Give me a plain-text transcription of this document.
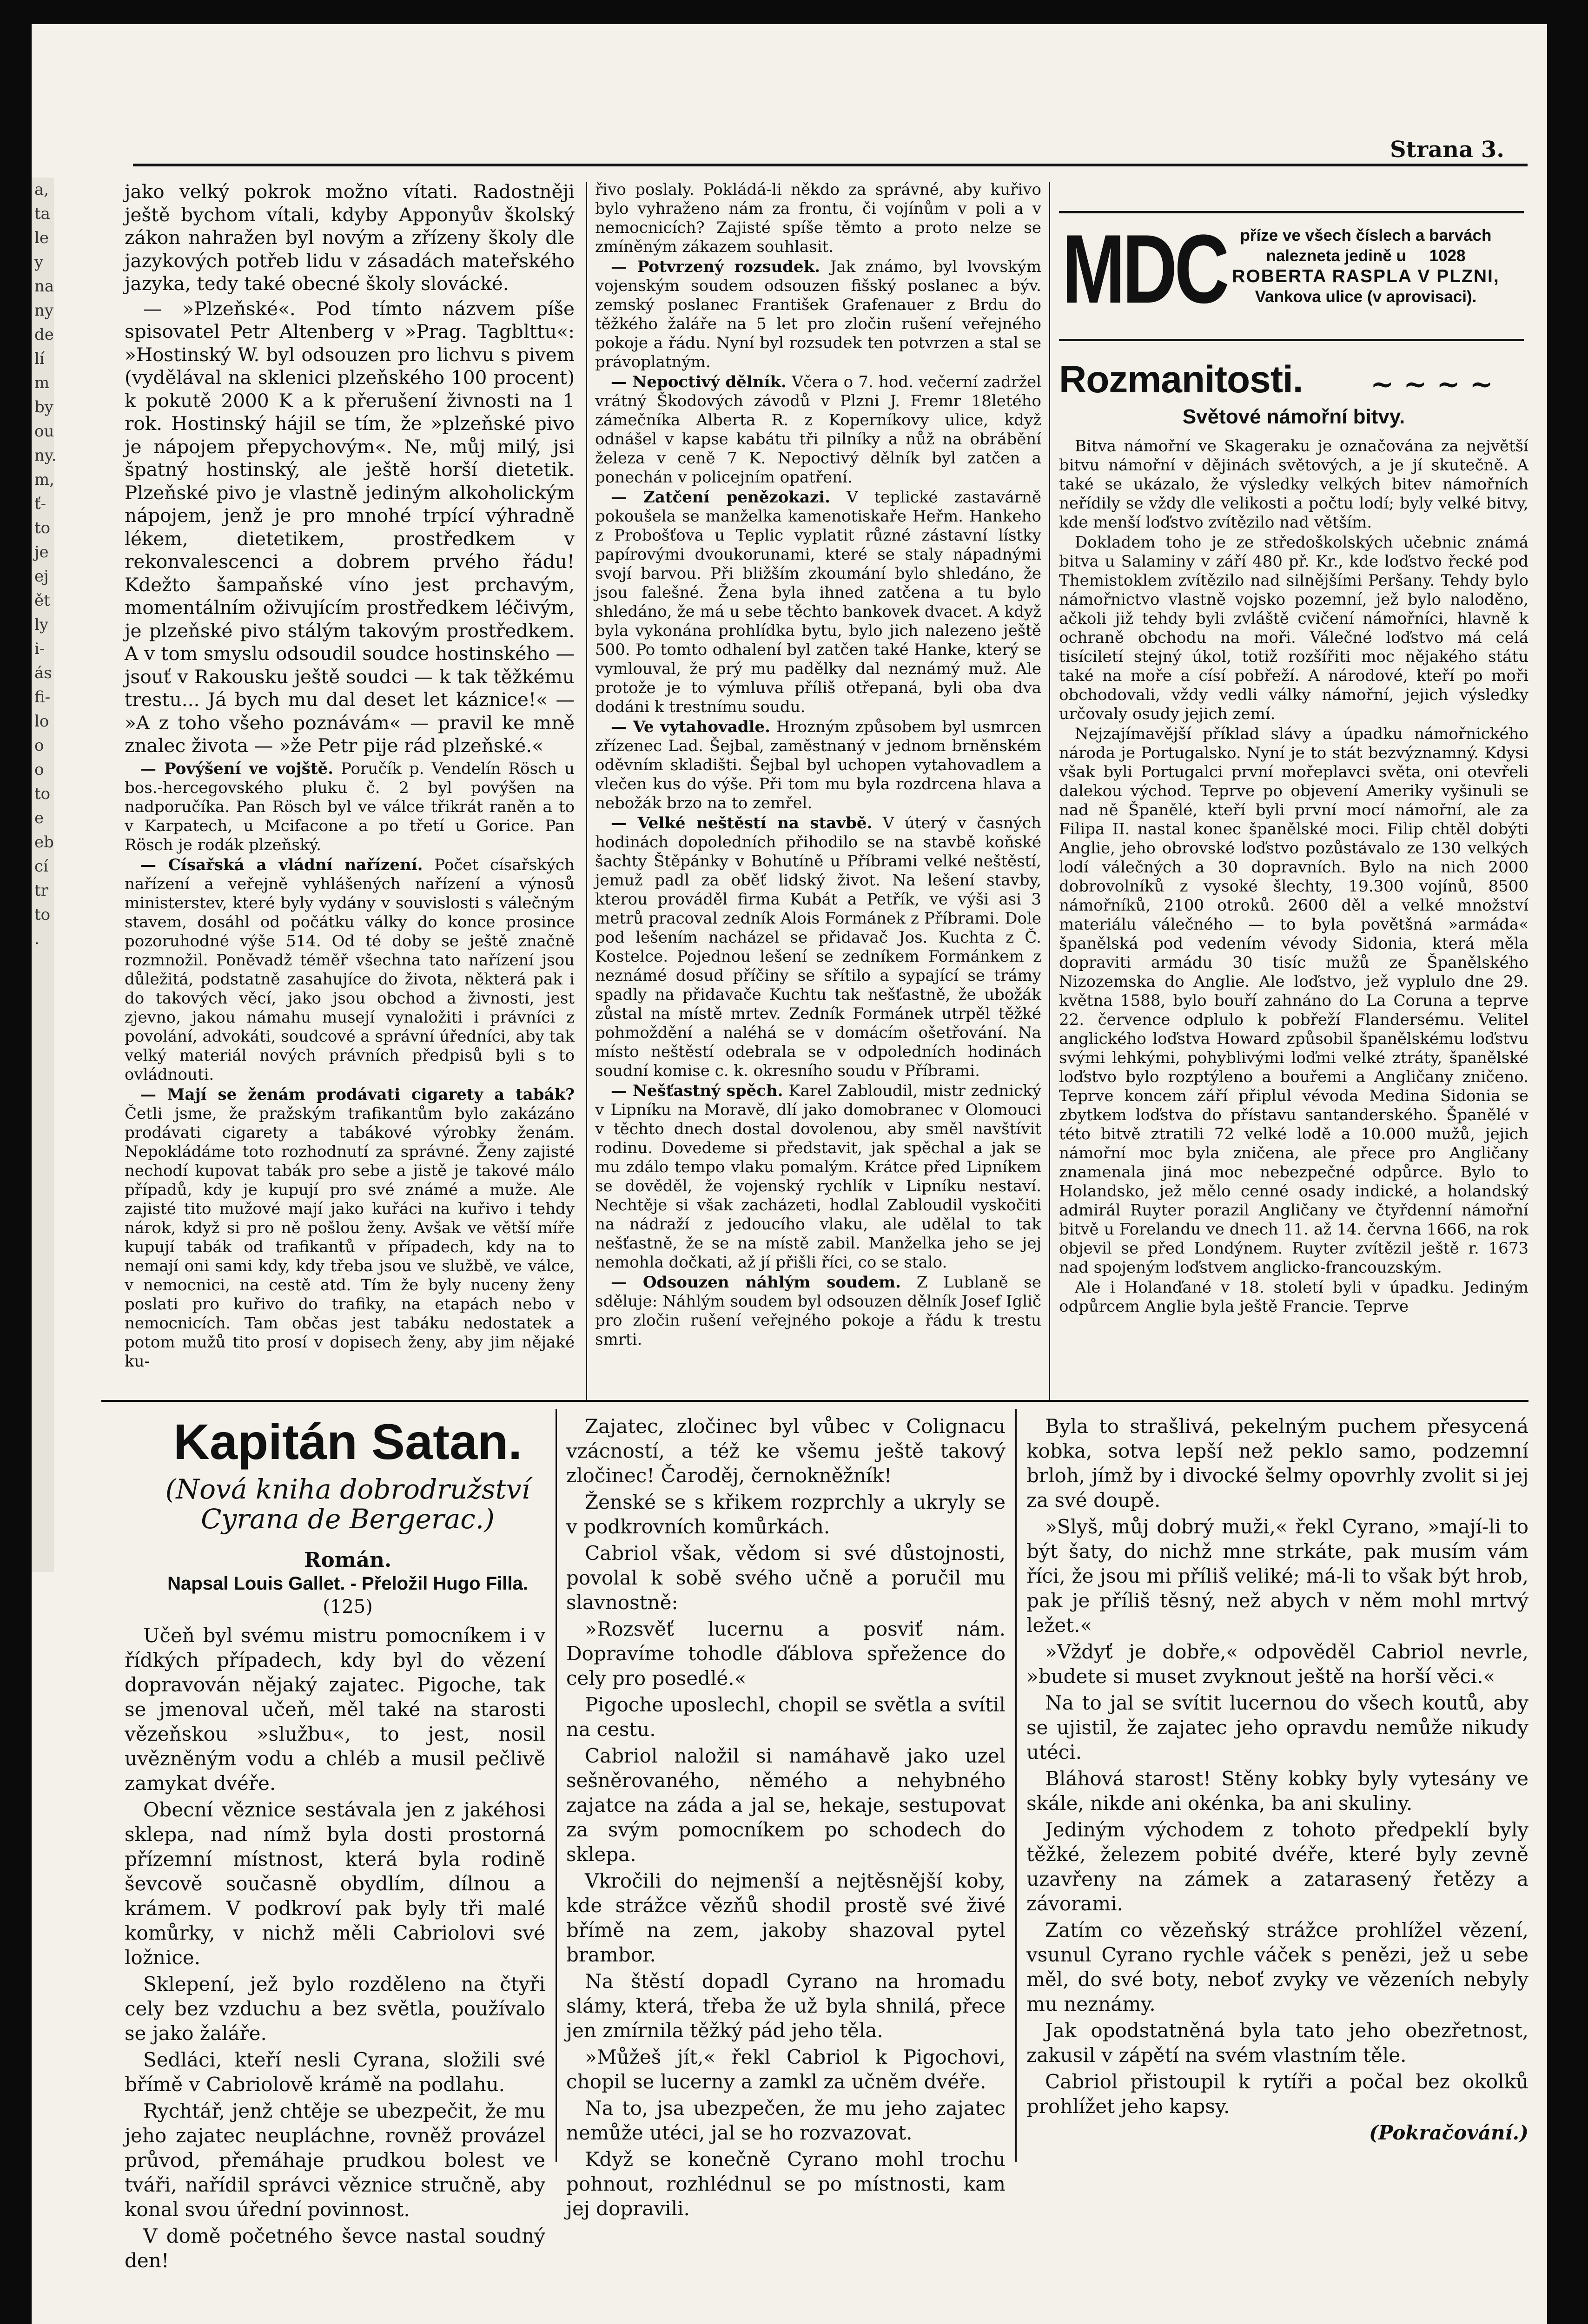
a,
ta
le
y
na
ny
de
lí
m
by
ou
ny.
m,
ť-
to
je
ej
ět
ly
i-
ás
fi-
lo
o
o
to
e
eb
cí
tr
to
.
Strana 3.

jako velký pokrok možno vítati. Radostněji ještě bychom vítali, kdyby Apponyův školský zákon nahražen byl novým a zřízeny školy dle jazykových potřeb lidu v zásadách mateřského jazyka, tedy také obecné školy slovácké.

— »Plzeňské«. Pod tímto názvem píše spisovatel Petr Altenberg v »Prag. Tagblttu«: »Hostinský W. byl odsouzen pro lichvu s pivem (vydělával na sklenici plzeňského 100 procent) k pokutě 2000 K a k přerušení živnosti na 1 rok. Hostinský hájil se tím, že »plzeňské pivo je nápojem přepychovým«. Ne, můj milý, jsi špatný hostinský, ale ještě horší dietetik. Plzeňské pivo je vlastně jediným alkoholickým nápojem, jenž je pro mnohé trpící výhradně lékem, dietetikem, prostředkem v rekonvalescenci a dobrem prvého řádu! Kdežto šampaňské víno jest prchavým, momentálním oživujícím prostředkem léčivým, je plzeňské pivo stálým takovým prostředkem. A v tom smyslu odsoudil soudce hostinského — jsouť v Rakousku ještě soudci — k tak těžkému trestu... Já bych mu dal deset let káznice!« — »A z toho všeho poznávám« — pravil ke mně znalec života — »že Petr pije rád plzeňské.«

— Povýšení ve vojště. Poručík p. Vendelín Rösch u bos.-hercegovského pluku č. 2 byl povýšen na nadporučíka. Pan Rösch byl ve válce třikrát raněn a to v Karpatech, u Mcifacone a po třetí u Gorice. Pan Rösch je rodák plzeňský.

— Císařská a vládní nařízení. Počet císařských nařízení a veřejně vyhlášených nařízení a výnosů ministerstev, které byly vydány v souvislosti s válečným stavem, dosáhl od počátku války do konce prosince pozoruhodné výše 514. Od té doby se ještě značně rozmnožil. Poněvadž téměř všechna tato nařízení jsou důležitá, podstatně zasahujíce do života, některá pak i do takových věcí, jako jsou obchod a živnosti, jest zjevno, jakou námahu musejí vynaložiti i právníci z povolání, advokáti, soudcové a správní úředníci, aby tak velký materiál nových právních předpisů byli s to ovládnouti.

— Mají se ženám prodávati cigarety a tabák? Četli jsme, že pražským trafikantům bylo zakázáno prodávati cigarety a tabákové výrobky ženám. Nepokládáme toto rozhodnutí za správné. Ženy zajisté nechodí kupovat tabák pro sebe a jistě je takové málo případů, kdy je kupují pro své známé a muže. Ale zajisté tito mužové mají jako kuřáci na kuřivo i tehdy nárok, když si pro ně pošlou ženy. Avšak ve větší míře kupují tabák od trafikantů v případech, kdy na to nemají oni sami kdy, kdy třeba jsou ve službě, ve válce, v nemocnici, na cestě atd. Tím že byly nuceny ženy poslati pro kuřivo do trafiky, na etapách nebo v nemocnicích. Tam občas jest tabáku nedostatek a potom mužů tito prosí v dopisech ženy, aby jim nějaké ku-

řivo poslaly. Pokládá-li někdo za správné, aby kuřivo bylo vyhraženo nám za frontu, či vojínům v poli a v nemocnicích? Zajisté spíše těmto a proto nelze se zmíněným zákazem souhlasit.

— Potvrzený rozsudek. Jak známo, byl lvovským vojenským soudem odsouzen fišský poslanec a býv. zemský poslanec František Grafenauer z Brdu do těžkého žaláře na 5 let pro zločin rušení veřejného pokoje a řádu. Nyní byl rozsudek ten potvrzen a stal se právoplatným.

— Nepoctivý dělník. Včera o 7. hod. večerní zadržel vrátný Škodových závodů v Plzni J. Fremr 18letého zámečníka Alberta R. z Koperníkovy ulice, když odnášel v kapse kabátu tři pilníky a nůž na obrábění železa v ceně 7 K. Nepoctivý dělník byl zatčen a ponechán v policejním opatření.

— Zatčení penězokazi. V teplické zastavárně pokoušela se manželka kamenotiskaře Heřm. Hankeho z Probošťova u Teplic vyplatit různé zástavní lístky papírovými dvoukorunami, které se staly nápadnými svojí barvou. Při bližším zkoumání bylo shledáno, že jsou falešné. Žena byla ihned zatčena a tu bylo shledáno, že má u sebe těchto bankovek dvacet. A když byla vykonána prohlídka bytu, bylo jich nalezeno ještě 500. Po tomto odhalení byl zatčen také Hanke, který se vymlouval, že prý mu padělky dal neznámý muž. Ale protože je to výmluva příliš otřepaná, byli oba dva dodáni k trestnímu soudu.

— Ve vytahovadle. Hrozným způsobem byl usmrcen zřízenec Lad. Šejbal, zaměstnaný v jednom brněnském oděvním skladišti. Šejbal byl uchopen vytahovadlem a vlečen kus do výše. Při tom mu byla rozdrcena hlava a nebožák brzo na to zemřel.

— Velké neštěstí na stavbě. V úterý v časných hodinách dopoledních přihodilo se na stavbě koňské šachty Štěpánky v Bohutíně u Příbrami velké neštěstí, jemuž padl za oběť lidský život. Na lešení stavby, kterou prováděl firma Kubát a Petřík, ve výši asi 3 metrů pracoval zedník Alois Formánek z Příbrami. Dole pod lešením nacházel se přidavač Jos. Kuchta z Č. Kostelce. Pojednou lešení se zedníkem Formánkem z neznámé dosud příčiny se sřítilo a sypající se trámy spadly na přidavače Kuchtu tak nešťastně, že ubožák zůstal na místě mrtev. Zedník Formánek utrpěl těžké pohmoždění a naléhá se v domácím ošetřování. Na místo neštěstí odebrala se v odpoledních hodinách soudní komise c. k. okresního soudu v Příbrami.

— Nešťastný spěch. Karel Zabloudil, mistr zednický v Lipníku na Moravě, dlí jako domobranec v Olomouci v těchto dnech dostal dovolenou, aby směl navštívit rodinu. Dovedeme si představit, jak spěchal a jak se mu zdálo tempo vlaku pomalým. Krátce před Lipníkem se dověděl, že vojenský rychlík v Lipníku nestaví. Nechtěje si však zacházeti, hodlal Zabloudil vyskočiti na nádraží z jedoucího vlaku, ale udělal to tak nešťastně, že se na místě zabil. Manželka jeho se jej nemohla dočkati, až jí přišli říci, co se stalo.

— Odsouzen náhlým soudem. Z Lublaně se sděluje: Náhlým soudem byl odsouzen dělník Josef Iglič pro zločin rušení veřejného pokoje a řádu k trestu smrti.

MDC příze ve všech číslech a barvách
nalezneta jedině u 1028
ROBERTA RASPLA V PLZNI,
Vankova ulice (v aprovisaci).
Rozmanitosti. ~ ~ ~ ~
Světové námořní bitvy.

Bitva námořní ve Skageraku je označována za největší bitvu námořní v dějinách světových, a je jí skutečně. A také se ukázalo, že výsledky velkých bitev námořních neřídily se vždy dle velikosti a počtu lodí; byly velké bitvy, kde menší loďstvo zvítězilo nad větším.

Dokladem toho je ze středoškolských učebnic známá bitva u Salaminy v září 480 př. Kr., kde loďstvo řecké pod Themistoklem zvítězilo nad silnějšími Peršany. Tehdy bylo námořnictvo vlastně vojsko pozemní, jež bylo naloděno, ačkoli již tehdy byli zvláště cvičení námořníci, hlavně k ochraně obchodu na moři. Válečné loďstvo má celá tisíciletí stejný úkol, totiž rozšířiti moc nějakého státu také na moře a císí pobřeží. A národové, kteří po moři obchodovali, vždy vedli války námořní, jejich výsledky určovaly osudy jejich zemí.

Nejzajímavější příklad slávy a úpadku námořnického národa je Portugalsko. Nyní je to stát bezvýznamný. Kdysi však byli Portugalci první mořeplavci světa, oni otevřeli dalekou východ. Teprve po objevení Ameriky vyšinuli se nad ně Španělé, kteří byli první mocí námořní, ale za Filipa II. nastal konec španělské moci. Filip chtěl dobýti Anglie, jeho obrovské loďstvo pozůstávalo ze 130 velkých lodí válečných a 30 dopravních. Bylo na nich 2000 dobrovolníků z vysoké šlechty, 19.300 vojínů, 8500 námořníků, 2100 otroků. 2600 děl a velké množství materiálu válečného — to byla povětšná »armáda« španělská pod vedením vévody Sidonia, která měla dopraviti armádu 30 tisíc mužů ze Španělského Nizozemska do Anglie. Ale loďstvo, jež vyplulo dne 29. května 1588, bylo bouří zahnáno do La Coruna a teprve 22. července odplulo k pobřeží Flandersému. Velitel anglického loďstva Howard způsobil španělskému loďstvu svými lehkými, pohyblivými loďmi velké ztráty, španělské loďstvo bylo rozptýleno a bouřemi a Angličany zničeno. Teprve koncem září připlul vévoda Medina Sidonia se zbytkem loďstva do přístavu santanderského. Španělé v této bitvě ztratili 72 velké lodě a 10.000 mužů, jejich námořní moc byla zničena, ale přece pro Angličany znamenala jiná moc nebezpečné odpůrce. Bylo to Holandsko, jež mělo cenné osady indické, a holandský admirál Ruyter porazil Angličany ve čtyřdenní námořní bitvě u Forelandu ve dnech 11. až 14. června 1666, na rok objevil se před Londýnem. Ruyter zvítězil ještě r. 1673 nad spojeným loďstvem anglicko-francouzským.

Ale i Holanďané v 18. století byli v úpadku. Jediným odpůrcem Anglie byla ještě Francie. Teprve

Kapitán Satan.
(Nová kniha dobrodružství Cyrana de Bergerac.)
Román.
Napsal Louis Gallet. - Přeložil Hugo Filla.
(125)

Učeň byl svému mistru pomocníkem i v řídkých případech, kdy byl do vězení dopravován nějaký zajatec. Pigoche, tak se jmenoval učeň, měl také na starosti vězeňskou »službu«, to jest, nosil uvězněným vodu a chléb a musil pečlivě zamykat dvéře.

Obecní věznice sestávala jen z jakéhosi sklepa, nad nímž byla dosti prostorná přízemní místnost, která byla rodině ševcově současně obydlím, dílnou a krámem. V podkroví pak byly tři malé komůrky, v nichž měli Cabriolovi své ložnice.

Sklepení, jež bylo rozděleno na čtyři cely bez vzduchu a bez světla, používalo se jako žaláře.

Sedláci, kteří nesli Cyrana, složili své břímě v Cabriolově krámě na podlahu.

Rychtář, jenž chtěje se ubezpečit, že mu jeho zajatec neupláchne, rovněž provázel průvod, přemáhaje prudkou bolest ve tváři, nařídil správci věznice stručně, aby konal svou úřední povinnost.

V domě početného ševce nastal soudný den!

Zajatec, zločinec byl vůbec v Colignacu vzácností, a též ke všemu ještě takový zločinec! Čaroděj, černokněžník!

Ženské se s křikem rozprchly a ukryly se v podkrovních komůrkách.

Cabriol však, vědom si své důstojnosti, povolal k sobě svého učně a poručil mu slavnostně:

»Rozsvěť lucernu a posviť nám. Dopravíme tohodle ďáblova spřežence do cely pro posedlé.«

Pigoche uposlechl, chopil se světla a svítil na cestu.

Cabriol naložil si namáhavě jako uzel sešněrovaného, němého a nehybného zajatce na záda a jal se, hekaje, sestupovat za svým pomocníkem po schodech do sklepa.

Vkročili do nejmenší a nejtěsnější koby, kde strážce vězňů shodil prostě své živé břímě na zem, jakoby shazoval pytel brambor.

Na štěstí dopadl Cyrano na hromadu slámy, která, třeba že už byla shnilá, přece jen zmírnila těžký pád jeho těla.

»Můžeš jít,« řekl Cabriol k Pigochovi, chopil se lucerny a zamkl za učněm dvéře.

Na to, jsa ubezpečen, že mu jeho zajatec nemůže utéci, jal se ho rozvazovat.

Když se konečně Cyrano mohl trochu pohnout, rozhlédnul se po místnosti, kam jej dopravili.

Byla to strašlivá, pekelným puchem přesycená kobka, sotva lepší než peklo samo, podzemní brloh, jímž by i divocké šelmy opovrhly zvolit si jej za své doupě.

»Slyš, můj dobrý muži,« řekl Cyrano, »mají-li to být šaty, do nichž mne strkáte, pak musím vám říci, že jsou mi příliš veliké; má-li to však být hrob, pak je příliš těsný, než abych v něm mohl mrtvý ležet.«

»Vždyť je dobře,« odpověděl Cabriol nevrle, »budete si muset zvyknout ještě na horší věci.«

Na to jal se svítit lucernou do všech koutů, aby se ujistil, že zajatec jeho opravdu nemůže nikudy utéci.

Bláhová starost! Stěny kobky byly vytesány ve skále, nikde ani okénka, ba ani skuliny.

Jediným východem z tohoto předpeklí byly těžké, železem pobité dvéře, které byly zevně uzavřeny na zámek a zatarasený řetězy a závorami.

Zatím co vězeňský strážce prohlížel vězení, vsunul Cyrano rychle váček s penězi, jež u sebe měl, do své boty, neboť zvyky ve vězeních nebyly mu neznámy.

Jak opodstatněná byla tato jeho obezřetnost, zakusil v zápětí na svém vlastním těle.

Cabriol přistoupil k rytíři a počal bez okolků prohlížet jeho kapsy.

(Pokračování.)
